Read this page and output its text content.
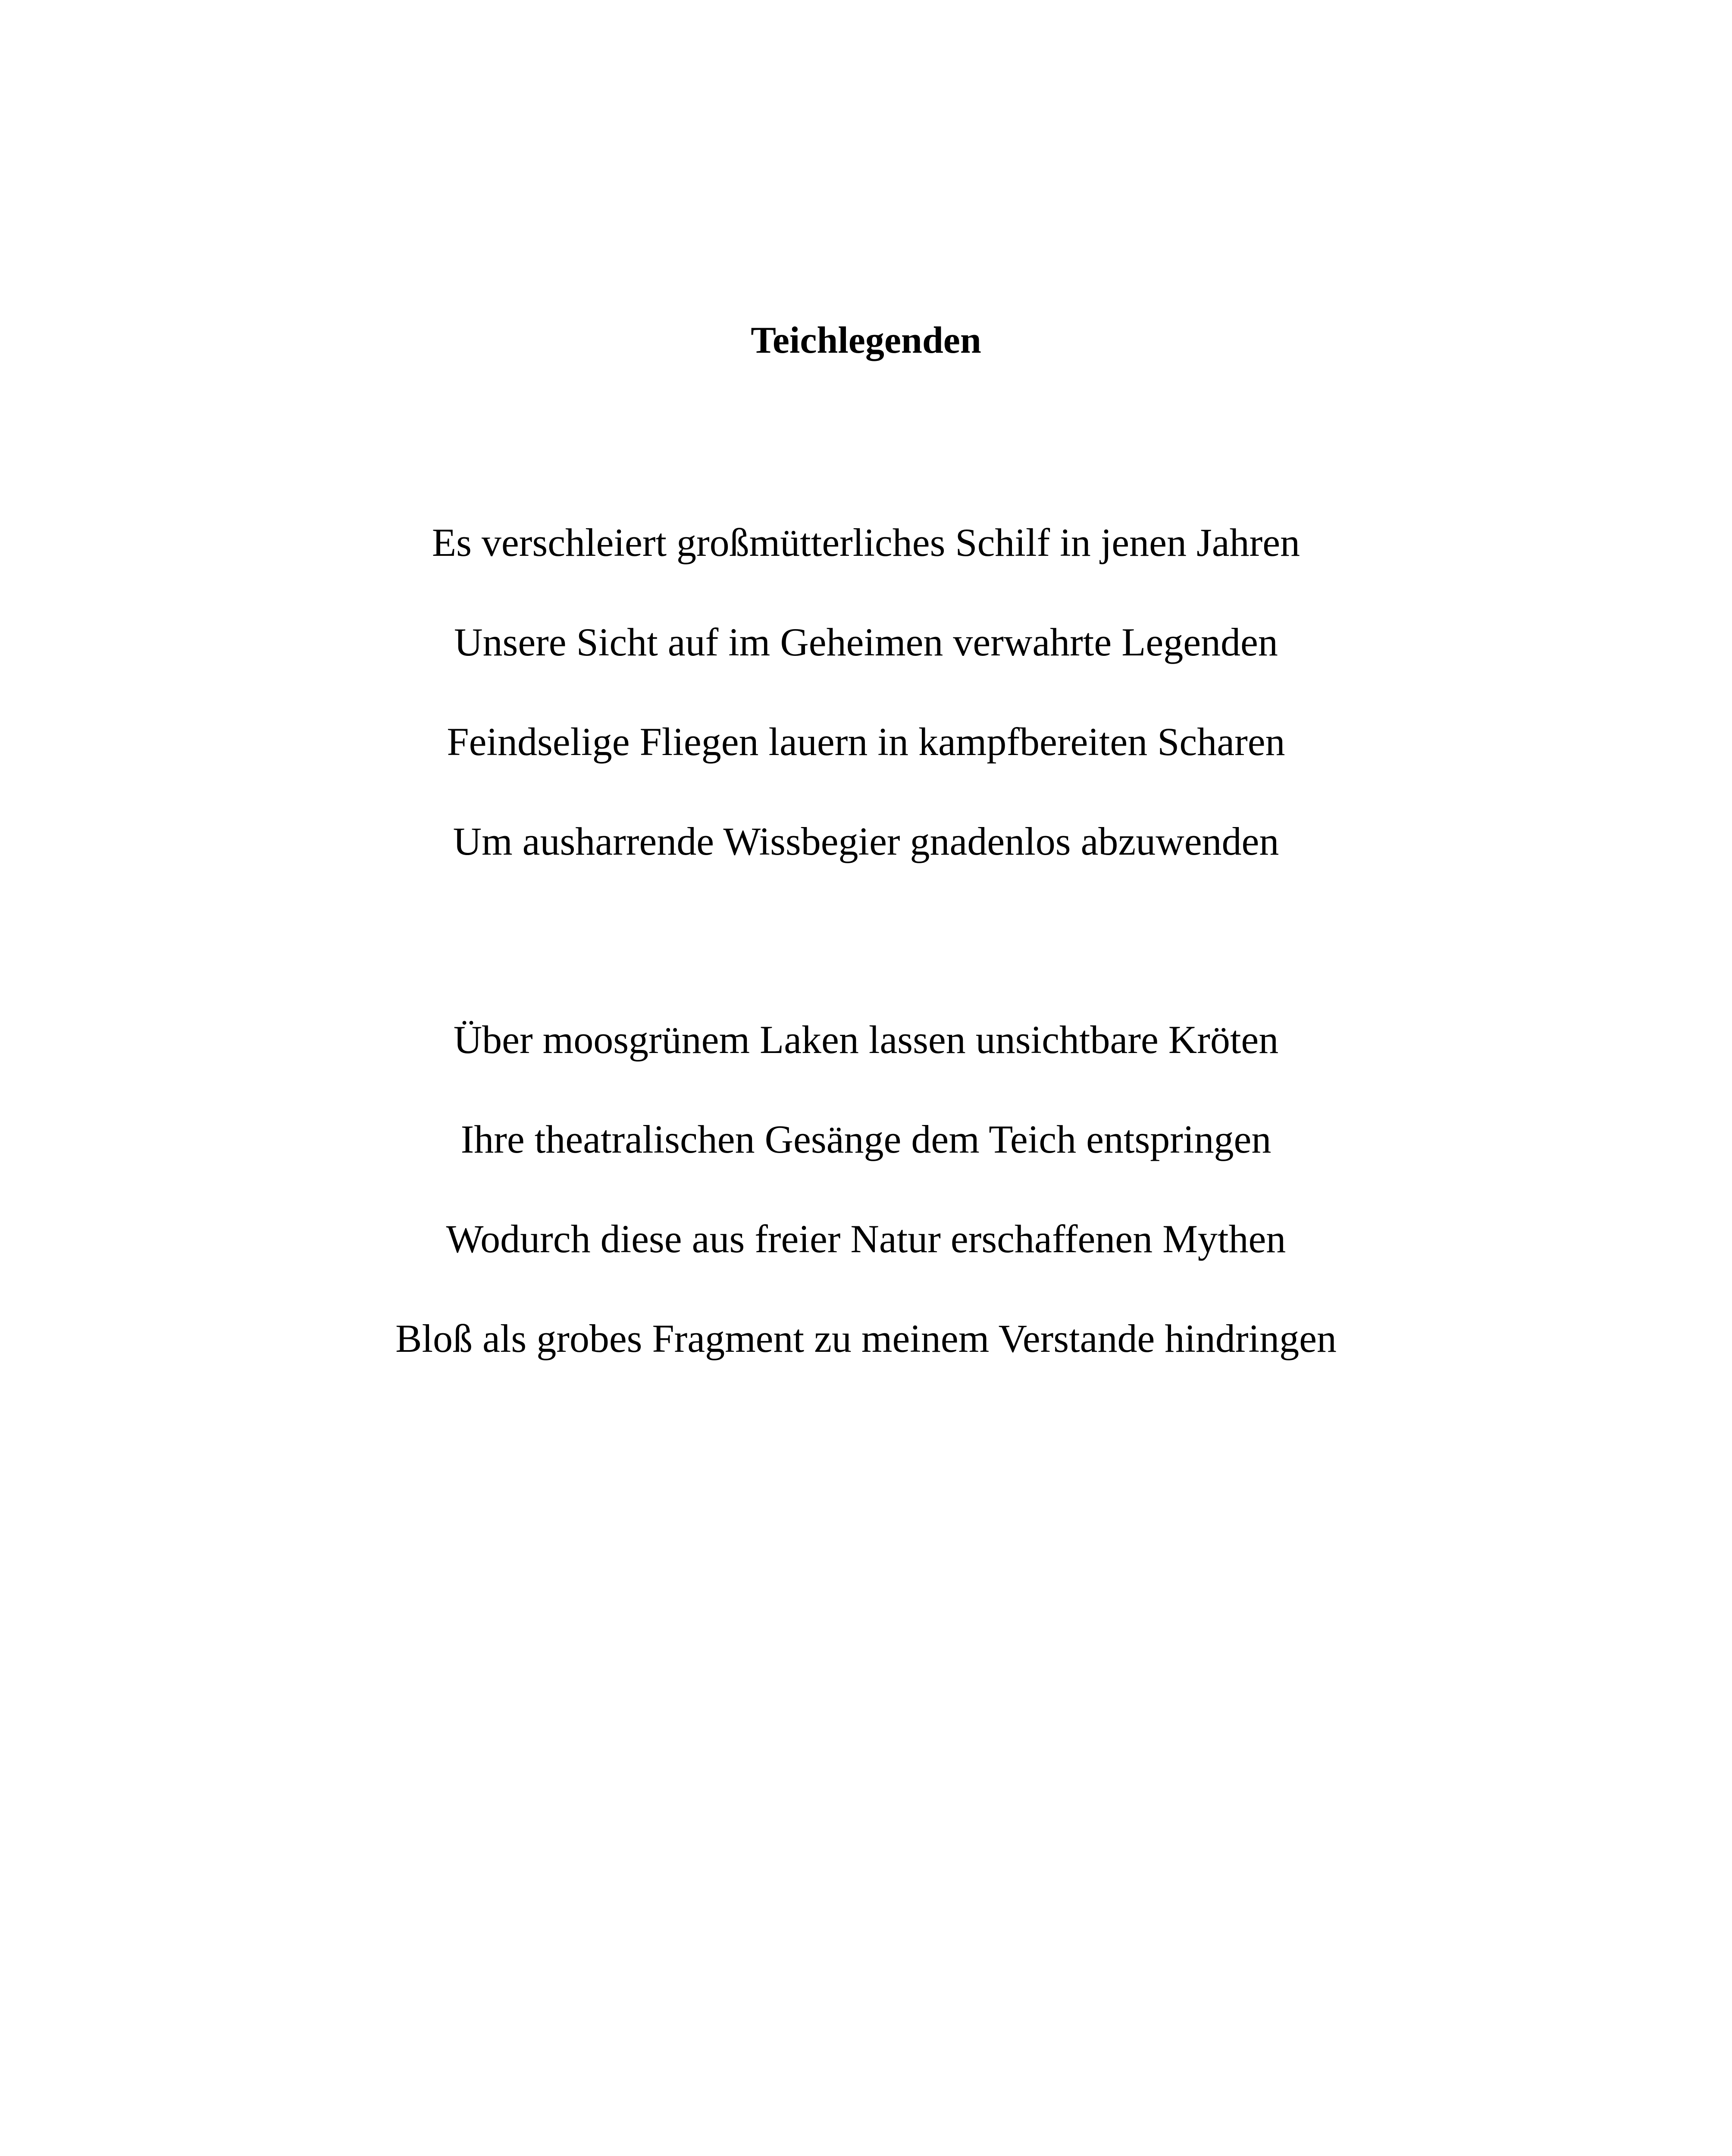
Teichlegenden
Es verschleiert großmütterliches Schilf in jenen Jahren
Unsere Sicht auf im Geheimen verwahrte Legenden
Feindselige Fliegen lauern in kampfbereiten Scharen
Um ausharrende Wissbegier gnadenlos abzuwenden
Über moosgrünem Laken lassen unsichtbare Kröten
Ihre theatralischen Gesänge dem Teich entspringen
Wodurch diese aus freier Natur erschaffenen Mythen
Bloß als grobes Fragment zu meinem Verstande hindringen
